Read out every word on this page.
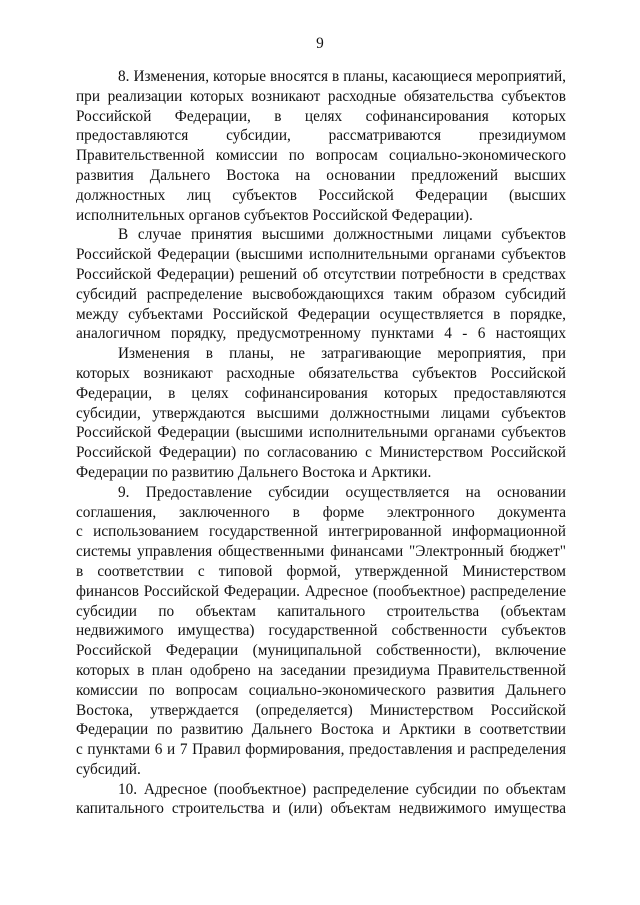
9
8. Изменения, которые вносятся в планы, касающиеся мероприятий,
при реализации которых возникают расходные обязательства субъектов
Российской Федерации, в целях софинансирования которых
предоставляются субсидии, рассматриваются президиумом
Правительственной комиссии по вопросам социально-экономического
развития Дальнего Востока на основании предложений высших
должностных лиц субъектов Российской Федерации (высших
исполнительных органов субъектов Российской Федерации).
В случае принятия высшими должностными лицами субъектов
Российской Федерации (высшими исполнительными органами субъектов
Российской Федерации) решений об отсутствии потребности в средствах
субсидий распределение высвобождающихся таким образом субсидий
между субъектами Российской Федерации осуществляется в порядке,
аналогичном порядку, предусмотренному пунктами 4 - 6 настоящих
Изменения в планы, не затрагивающие мероприятия, при
которых возникают расходные обязательства субъектов Российской
Федерации, в целях софинансирования которых предоставляются
субсидии, утверждаются высшими должностными лицами субъектов
Российской Федерации (высшими исполнительными органами субъектов
Российской Федерации) по согласованию с Министерством Российской
Федерации по развитию Дальнего Востока и Арктики.
9. Предоставление субсидии осуществляется на основании
соглашения, заключенного в форме электронного документа
с использованием государственной интегрированной информационной
системы управления общественными финансами "Электронный бюджет"
в соответствии с типовой формой, утвержденной Министерством
финансов Российской Федерации. Адресное (пообъектное) распределение
субсидии по объектам капитального строительства (объектам
недвижимого имущества) государственной собственности субъектов
Российской Федерации (муниципальной собственности), включение
которых в план одобрено на заседании президиума Правительственной
комиссии по вопросам социально-экономического развития Дальнего
Востока, утверждается (определяется) Министерством Российской
Федерации по развитию Дальнего Востока и Арктики в соответствии
с пунктами 6 и 7 Правил формирования, предоставления и распределения
субсидий.
10. Адресное (пообъектное) распределение субсидии по объектам
капитального строительства и (или) объектам недвижимого имущества
